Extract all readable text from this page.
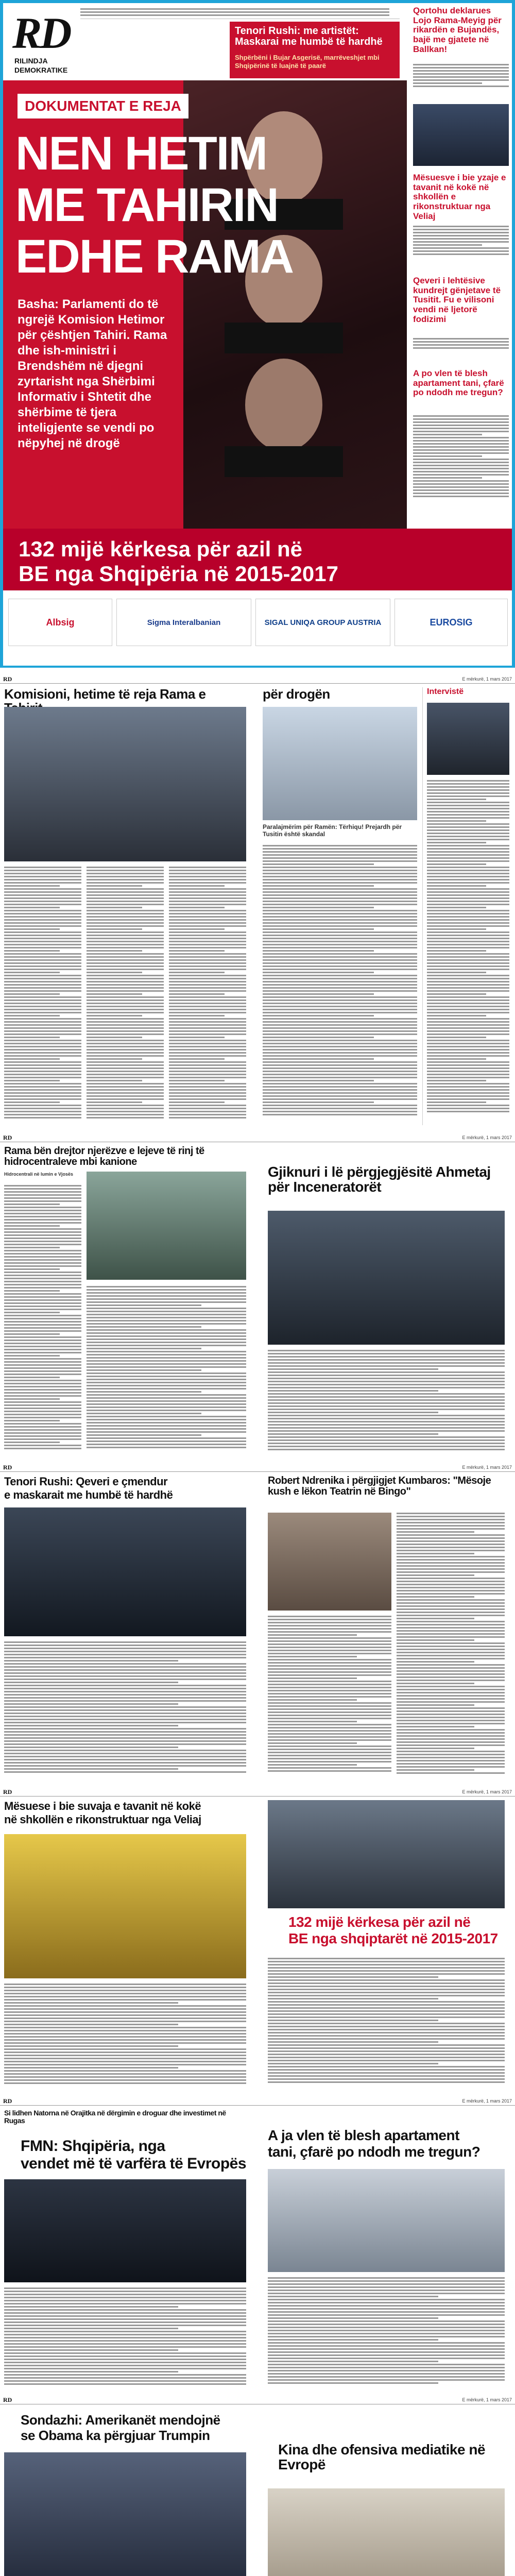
RD
RILINDJA
DEMOKRATIKE
Tenori Rushi: me artistët: Maskarai me humbë të hardhë
Shpërbëni i Bujar Asgerisë, marrëveshjet mbi Shqipërinë të luajnë të paarë
Qortohu deklarues Lojo Rama-Meyig për rikardën e Bujandës, bajë me gjatete në Ballkan!
Mësuesve i bie yzaje e tavanit në kokë në shkollën e rikonstruktuar nga Veliaj
Qeveri i lehtësive kundrejt gënjetave të Tusitit. Fu e vilisoni vendi në ljetorë fodizimi
A po vlen të blesh apartament tani, çfarë po ndodh me tregun?
DOKUMENTAT E REJA
NEN HETIM
ME TAHIRIN
EDHE RAMA
Basha: Parlamenti do të ngrejë Komision Hetimor për çështjen Tahiri. Rama dhe ish-ministri i Brendshëm në djegni zyrtarisht nga Shërbimi Informativ i Shtetit dhe shërbime të tjera inteligjente se vendi po nëpyhej në drogë
132 mijë kërkesa për azil në
BE nga Shqipëria në 2015-2017
Albsig	Sigma Interalbanian	SIGAL UNIQA GROUP AUSTRIA	EUROSIG
RD	E mërkurë, 1 mars 2017
Komisioni, hetime të reja Rama e	për drogën
Paralajmërim për Ramën: Tërhiqu! Prejardh për Tusitin është skandal
Intervistë
RD	E mërkurë, 1 mars 2017
Rama bën drejtor njerëzve e lejeve të rinj të hidrocentraleve mbi kanione
Hidrocentrali në lumin e Vjosës	Gjiknuri i lë përgjegjësitë Ahmetaj për Inceneratorët
RD	E mërkurë, 1 mars 2017
Tenori Rushi: Qeveri e çmendur
e maskarait me humbë të hardhë
Robert Ndrenika i përgjigjet Kumbaros: "Mësoje kush e lëkon Teatrin në Bingo"
RD	E mërkurë, 1 mars 2017
Mësuese i bie suvaja e tavanit në kokë
në shkollën e rikonstruktuar nga Veliaj
132 mijë kërkesa për azil në
BE nga shqiptarët në 2015-2017
RD	E mërkurë, 1 mars 2017
Si lidhen Natorna në Orajitka në dërgimin e droguar dhe investimet në Rugas
FMN: Shqipëria, nga
vendet më të varfëra të Evropës
A ja vlen të blesh apartament
tani, çfarë po ndodh me tregun?
RD	E mërkurë, 1 mars 2017
Sondazhi: Amerikanët mendojnë
se Obama ka përgjuar Trumpin
Kina dhe ofensiva mediatike në Evropë
